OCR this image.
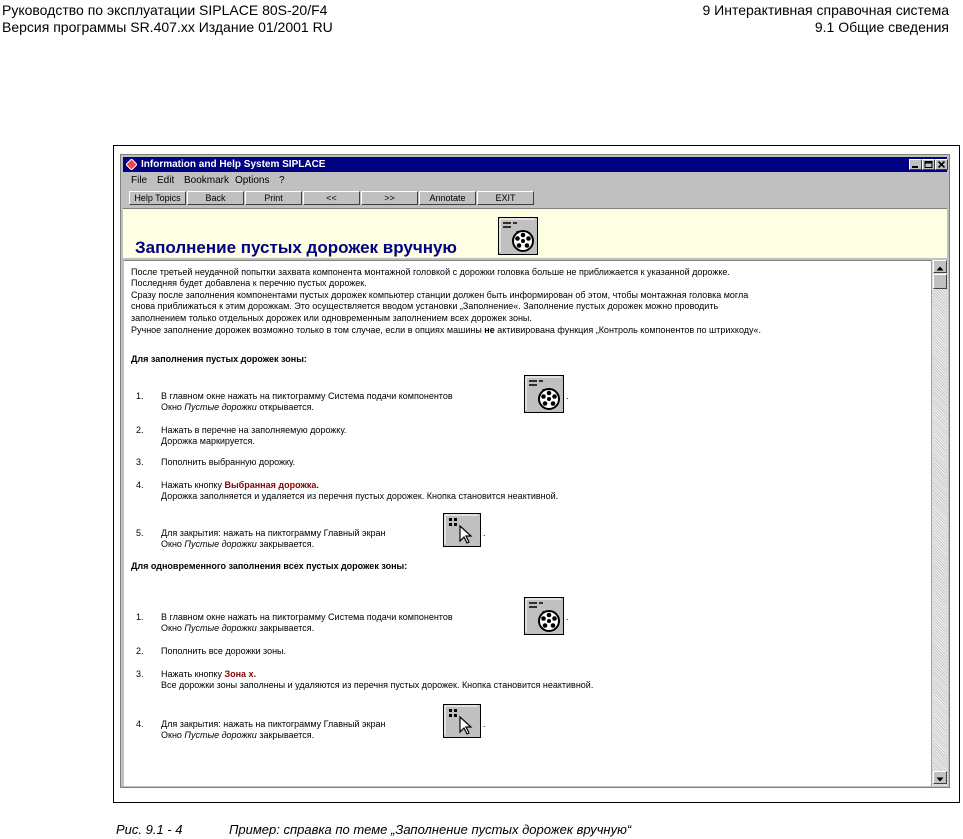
Руководство по эксплуатации SIPLACE 80S-20/F4
Версия программы SR.407.xx Издание 01/2001 RU
9 Интерактивная справочная система
9.1 Общие сведения
Information and Help System SIPLACE
File Edit Bookmark Options ?
Help Topics	Back	Print	<<	>>	Annotate	EXIT
Заполнение пустых дорожек вручную
После третьей неудачной попытки захвата компонента монтажной головкой с дорожки головка больше не приближается к указанной дорожке.
Последняя будет добавлена к перечню пустых дорожек.
Сразу после заполнения компонентами пустых дорожек компьютер станции должен быть информирован об этом, чтобы монтажная головка могла
снова приближаться к этим дорожкам. Это осуществляется вводом установки „Заполнение«. Заполнение пустых дорожек можно проводить
заполнением только отдельных дорожек или одновременным заполнением всех дорожек зоны.
Ручное заполнение дорожек возможно только в том случае, если в опциях машины не активирована функция „Контроль компонентов по штрихкоду«.
Для заполнения пустых дорожек зоны:
1. В главном окне нажать на пиктограмму Система подачи компонентов	.
Окно Пустые дорожки открывается.
2. Нажать в перечне на заполняемую дорожку.
Дорожка маркируется.
3. Пополнить выбранную дорожку.
4. Нажать кнопку Выбранная дорожка.
Дорожка заполняется и удаляется из перечня пустых дорожек. Кнопка становится неактивной.
5. Для закрытия: нажать на пиктограмму Главный экран	.
Окно Пустые дорожки закрывается.
Для одновременного заполнения всех пустых дорожек зоны:
1. В главном окне нажать на пиктограмму Система подачи компонентов	.
Окно Пустые дорожки закрывается.
2. Пополнить все дорожки зоны.
3. Нажать кнопку Зона x.
Все дорожки зоны заполнены и удаляются из перечня пустых дорожек. Кнопка становится неактивной.
4. Для закрытия: нажать на пиктограмму Главный экран	.
Окно Пустые дорожки закрывается.
Рис. 9.1 - 4	Пример: справка по теме „Заполнение пустых дорожек вручную“
